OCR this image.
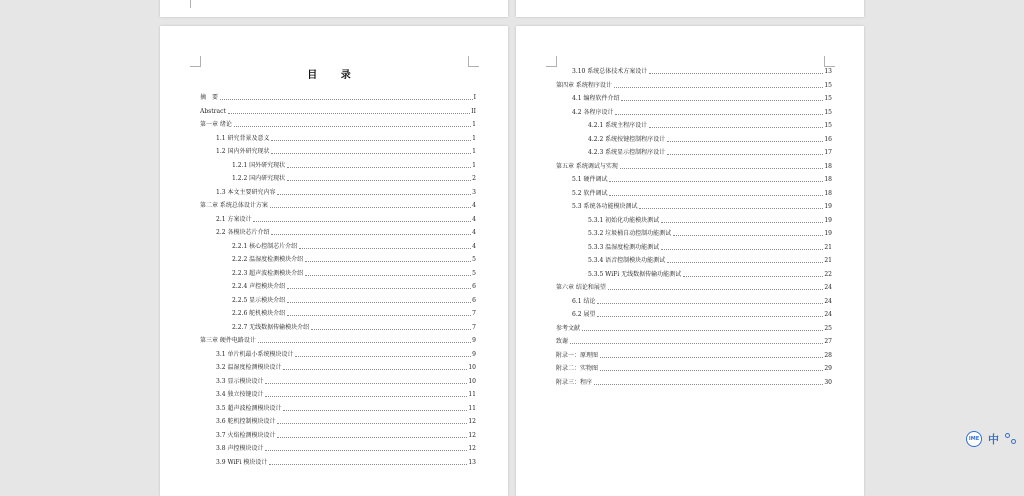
目 录
摘　要	I
Abstract	II
第一章 绪论	1
1.1 研究背景及意义	1
1.2 国内外研究现状	1
1.2.1 国外研究现状	1
1.2.2 国内研究现状	2
1.3 本文主要研究内容	3
第二章 系统总体设计方案	4
2.1 方案设计	4
2.2 各模块芯片介绍	4
2.2.1 核心控制芯片介绍	4
2.2.2 温湿度检测模块介绍	5
2.2.3 超声波检测模块介绍	5
2.2.4 声控模块介绍	6
2.2.5 显示模块介绍	6
2.2.6 舵机模块介绍	7
2.2.7 无线数据传输模块介绍	7
第三章 硬件电路设计	9
3.1 单片机最小系统模块设计	9
3.2 温湿度检测模块设计	10
3.3 显示模块设计	10
3.4 独立按键设计	11
3.5 超声波检测模块设计	11
3.6 舵机控制模块设计	12
3.7 火焰检测模块设计	12
3.8 声控模块设计	12
3.9 WiFi 模块设计	13
3.10 系统总体技术方案设计	13
第四章 系统程序设计	15
4.1 编程软件介绍	15
4.2 各程序设计	15
4.2.1 系统主程序设计	15
4.2.2 系统按键控制程序设计	16
4.2.3 系统显示控制程序设计	17
第五章 系统调试与实现	18
5.1 硬件调试	18
5.2 软件调试	18
5.3 系统各功能模块测试	19
5.3.1 初始化功能模块测试	19
5.3.2 垃圾桶自动控制功能测试	19
5.3.3 温湿度检测功能测试	21
5.3.4 语音控制模块功能测试	21
5.3.5 WiFi 无线数据传输功能测试	22
第六章 结论和展望	24
6.1 结论	24
6.2 展望	24
参考文献	25
致谢	27
附录一：原理图	28
附录二：实物图	29
附录三：程序	30
IME 中
